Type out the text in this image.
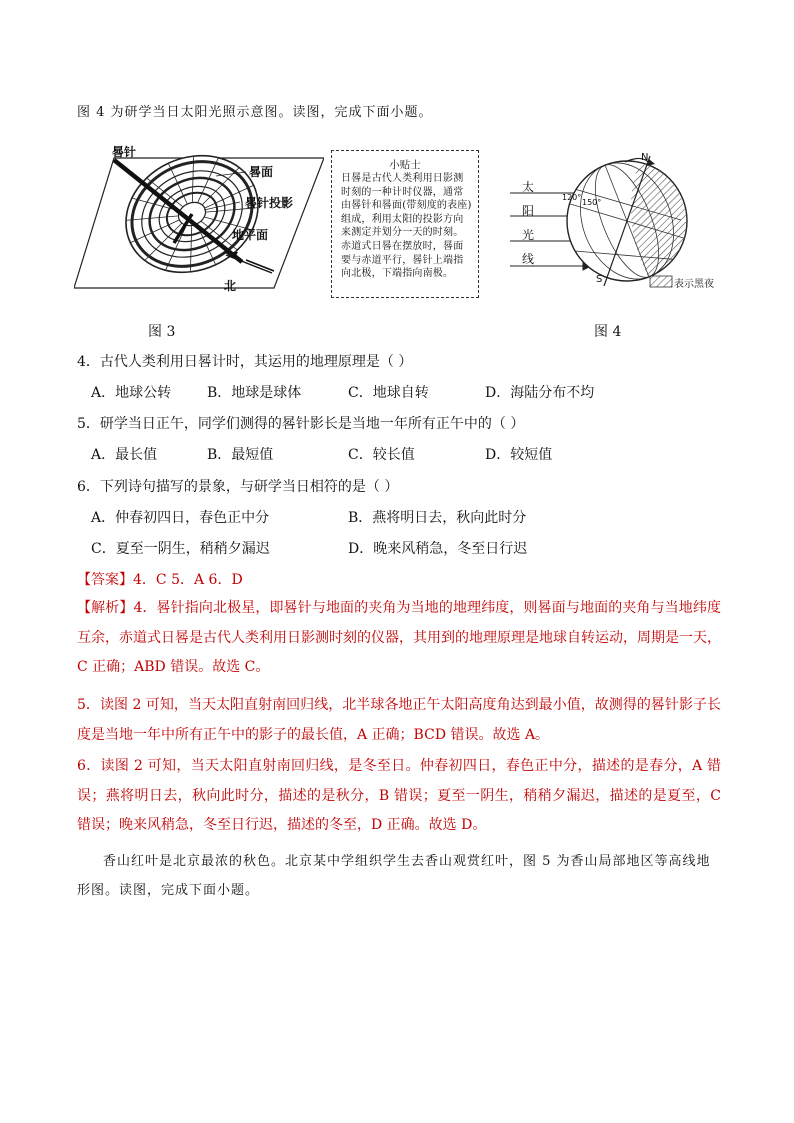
图 4 为研学当日太阳光照示意图。读图，完成下面小题。
晷针
晷面
晷针投影
地平面
北
图 3
小贴士
日晷是古代人类利用日影测时刻的一种计时仪器，通常由晷针和晷面(带刻度的表座)组成，利用太阳的投影方向来测定并划分一天的时刻。赤道式日晷在摆放时，晷面要与赤道平行，晷针上端指向北极，下端指向南极。
太
阳
光
线
N
S
120°
150°
表示黑夜
图 4
4．古代人类利用日晷计时，其运用的地理原理是（ ）
A．地球公转	B．地球是球体	C．地球自转	D．海陆分布不均
5．研学当日正午，同学们测得的晷针影长是当地一年所有正午中的（ ）
A．最长值	B．最短值	C．较长值	D．较短值
6．下列诗句描写的景象，与研学当日相符的是（ ）
A．仲春初四日，春色正中分	B．燕将明日去，秋向此时分
C．夏至一阴生，稍稍夕漏迟	D．晚来风稍急，冬至日行迟
【答案】4．C 5．A 6．D
【解析】4．晷针指向北极星，即晷针与地面的夹角为当地的地理纬度，则晷面与地面的夹角与当地纬度互余，赤道式日晷是古代人类利用日影测时刻的仪器，其用到的地理原理是地球自转运动，周期是一天，C 正确；ABD 错误。故选 C。
5．读图 2 可知，当天太阳直射南回归线，北半球各地正午太阳高度角达到最小值，故测得的晷针影子长度是当地一年中所有正午中的影子的最长值，A 正确；BCD 错误。故选 A。
6．读图 2 可知，当天太阳直射南回归线，是冬至日。仲春初四日，春色正中分，描述的是春分，A 错误；燕将明日去，秋向此时分，描述的是秋分，B 错误；夏至一阴生，稍稍夕漏迟，描述的是夏至，C 错误；晚来风稍急，冬至日行迟，描述的冬至，D 正确。故选 D。
香山红叶是北京最浓的秋色。北京某中学组织学生去香山观赏红叶，图 5 为香山局部地区等高线地形图。读图，完成下面小题。
